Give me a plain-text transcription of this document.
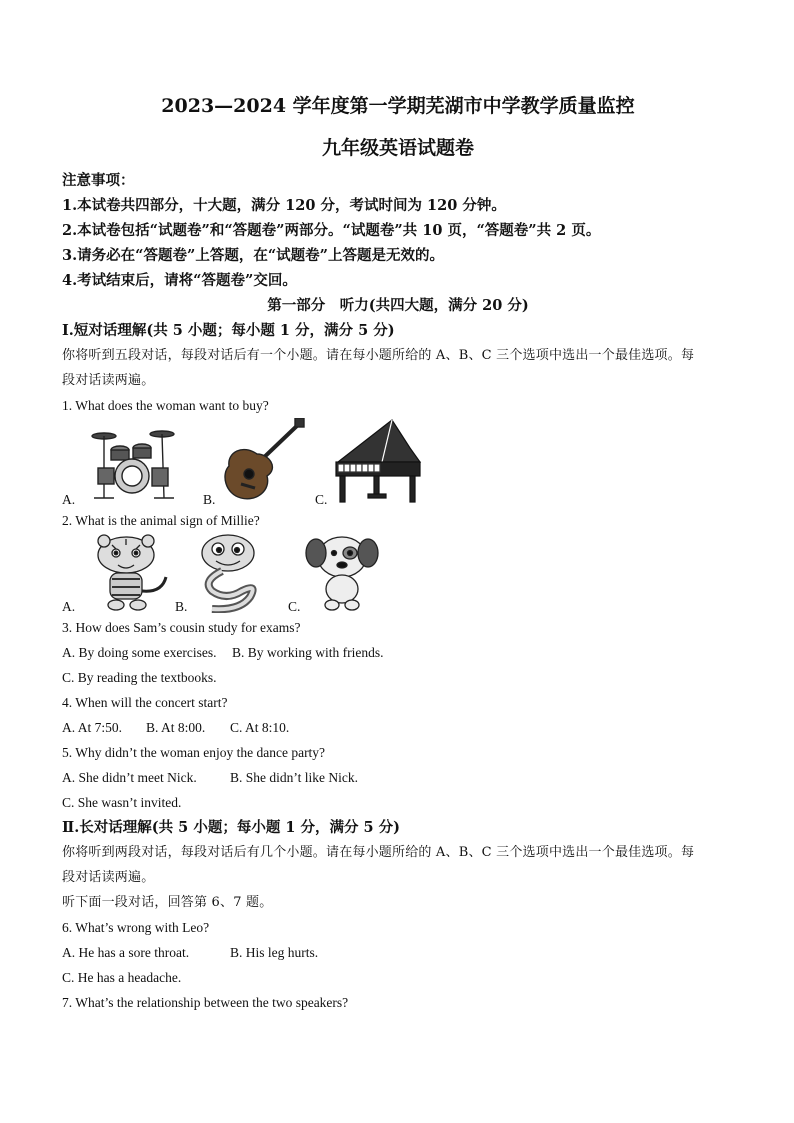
2023—2024 学年度第一学期芜湖市中学教学质量监控
九年级英语试题卷
注意事项：
1.本试卷共四部分，十大题，满分 120 分，考试时间为 120 分钟。
2.本试卷包括“试题卷”和“答题卷”两部分。“试题卷”共 10 页，“答题卷”共 2 页。
3.请务必在“答题卷”上答题，在“试题卷”上答题是无效的。
4.考试结束后，请将“答题卷”交回。
第一部分　听力(共四大题，满分 20 分)
I.短对话理解(共 5 小题；每小题 1 分，满分 5 分)
你将听到五段对话，每段对话后有一个小题。请在每小题所给的 A、B、C 三个选项中选出一个最佳选项。每
段对话读两遍。
1. What does the woman want to buy?
A.	B.	C.
2. What is the animal sign of Millie?
A.	B.	C.
3. How does Sam’s cousin study for exams?
A. By doing some exercises.	B. By working with friends.
C. By reading the textbooks.
4. When will the concert start?
A. At 7:50.	B. At 8:00.	C. At 8:10.
5. Why didn’t the woman enjoy the dance party?
A. She didn’t meet Nick.	B. She didn’t like Nick.
C. She wasn’t invited.
Ⅱ.长对话理解(共 5 小题；每小题 1 分，满分 5 分)
你将听到两段对话，每段对话后有几个小题。请在每小题所给的 A、B、C 三个选项中选出一个最佳选项。每
段对话读两遍。
听下面一段对话，回答第 6、7 题。
6. What’s wrong with Leo?
A. He has a sore throat.	B. His leg hurts.
C. He has a headache.
7. What’s the relationship between the two speakers?
